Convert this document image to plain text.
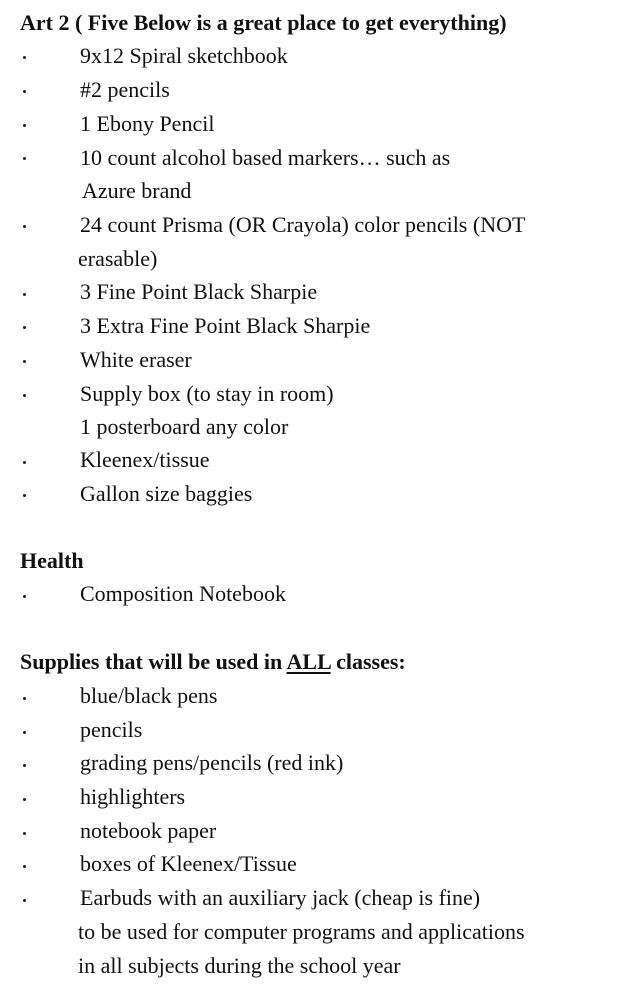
Art 2 ( Five Below is a great place to get everything)
9x12 Spiral sketchbook
#2 pencils
1 Ebony Pencil
10 count alcohol based markers… such as
Azure brand
24 count Prisma (OR Crayola) color pencils (NOT
erasable)
3 Fine Point Black Sharpie
3 Extra Fine Point Black Sharpie
White eraser
Supply box (to stay in room)
1 posterboard any color
Kleenex/tissue
Gallon size baggies
Health
Composition Notebook
Supplies that will be used in ALL classes:
blue/black pens
pencils
grading pens/pencils (red ink)
highlighters
notebook paper
boxes of Kleenex/Tissue
Earbuds with an auxiliary jack (cheap is fine)
to be used for computer programs and applications
in all subjects during the school year
